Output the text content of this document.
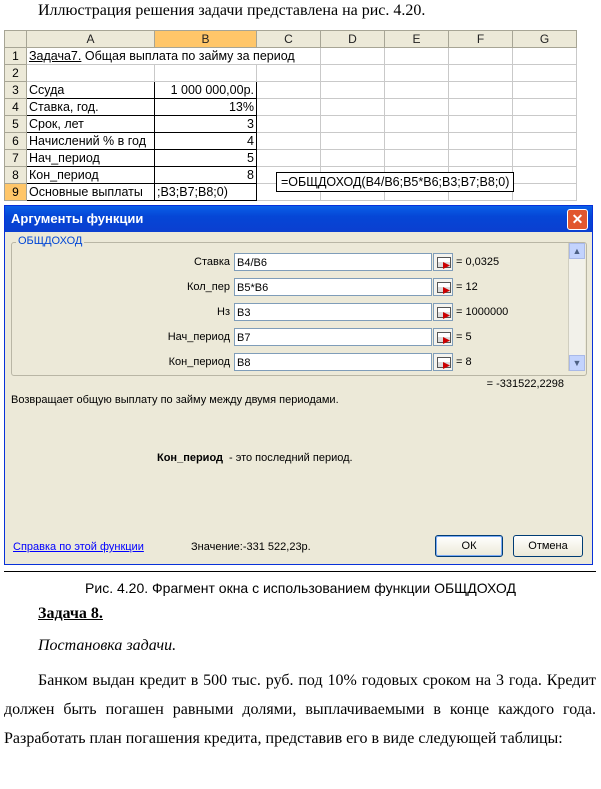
Иллюстрация решения задачи представлена на рис. 4.20.
	A	B	C	D	E	F	G
1	Задача7. Общая выплата по займу за период						
2							
3	Ссуда	1 000 000,00р.					
4	Ставка, год.	13%					
5	Срок, лет	3					
6	Начислений % в год	4					
7	Нач_период	5					
8	Кон_период	8					
9	Основные выплаты	;B3;B7;B8;0)					
=ОБЩДОХОД(B4/B6;B5*B6;B3;B7;B8;0)
Аргументы функции	✕
ОБЩДОХОД
Ставка B4/B6	= 0,0325
Кол_пер B5*B6	= 12
Нз B3	= 1000000
Нач_период B7	= 5
Кон_период B8	= 8
▲
▼
= -331522,2298
Возвращает общую выплату по займу между двумя периодами.
Кон_период - это последний период.
Справка по этой функции	Значение:-331 522,23р.	ОК	Отмена
Рис. 4.20. Фрагмент окна с использованием функции ОБЩДОХОД
Задача 8.
Постановка задачи.
Банком выдан кредит в 500 тыс. руб. под 10% годовых сроком на 3 года. Кредит должен быть погашен равными долями, выплачиваемыми в конце каждого года. Разработать план погашения кредита, представив его в виде следующей таблицы:
